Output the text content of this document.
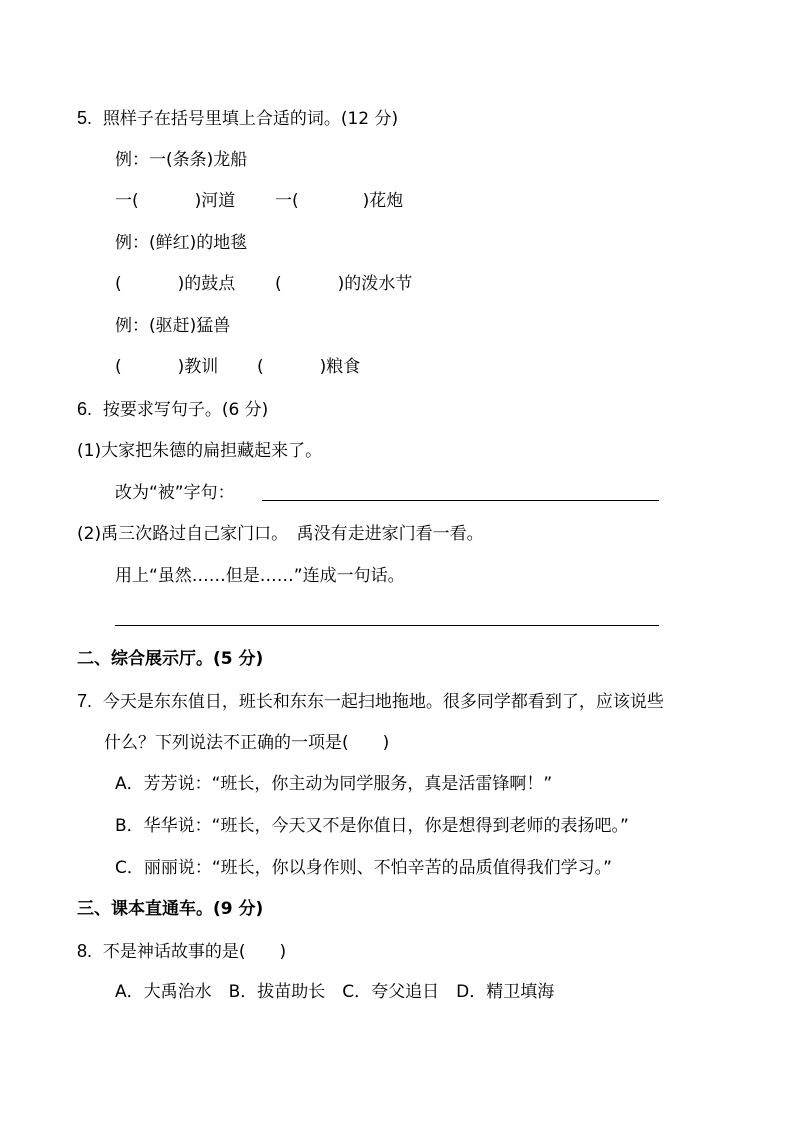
5. 照样子在括号里填上合适的词。(12 分)
例：一(条条)龙船
一(	)河道 一(	)花炮
例：(鲜红)的地毯
(	)的鼓点 (	)的泼水节
例：(驱赶)猛兽
(	)教训 (	)粮食
6. 按要求写句子。(6 分)
(1)大家把朱德的扁担藏起来了。
改为“被”字句：
(2)禹三次路过自己家门口。　禹没有走进家门看一看。
用上“虽然……但是……”连成一句话。
二、综合展示厅。(5 分)
7. 今天是东东值日，班长和东东一起扫地拖地。很多同学都看到了，应该说些
什么？下列说法不正确的一项是(　　)
A．芳芳说：“班长，你主动为同学服务，真是活雷锋啊！”
B．华华说：“班长，今天又不是你值日，你是想得到老师的表扬吧。”
C．丽丽说：“班长，你以身作则、不怕辛苦的品质值得我们学习。”
三、课本直通车。(9 分)
8. 不是神话故事的是(　　)
A．大禹治水　B．拔苗助长　C．夸父追日　D．精卫填海
